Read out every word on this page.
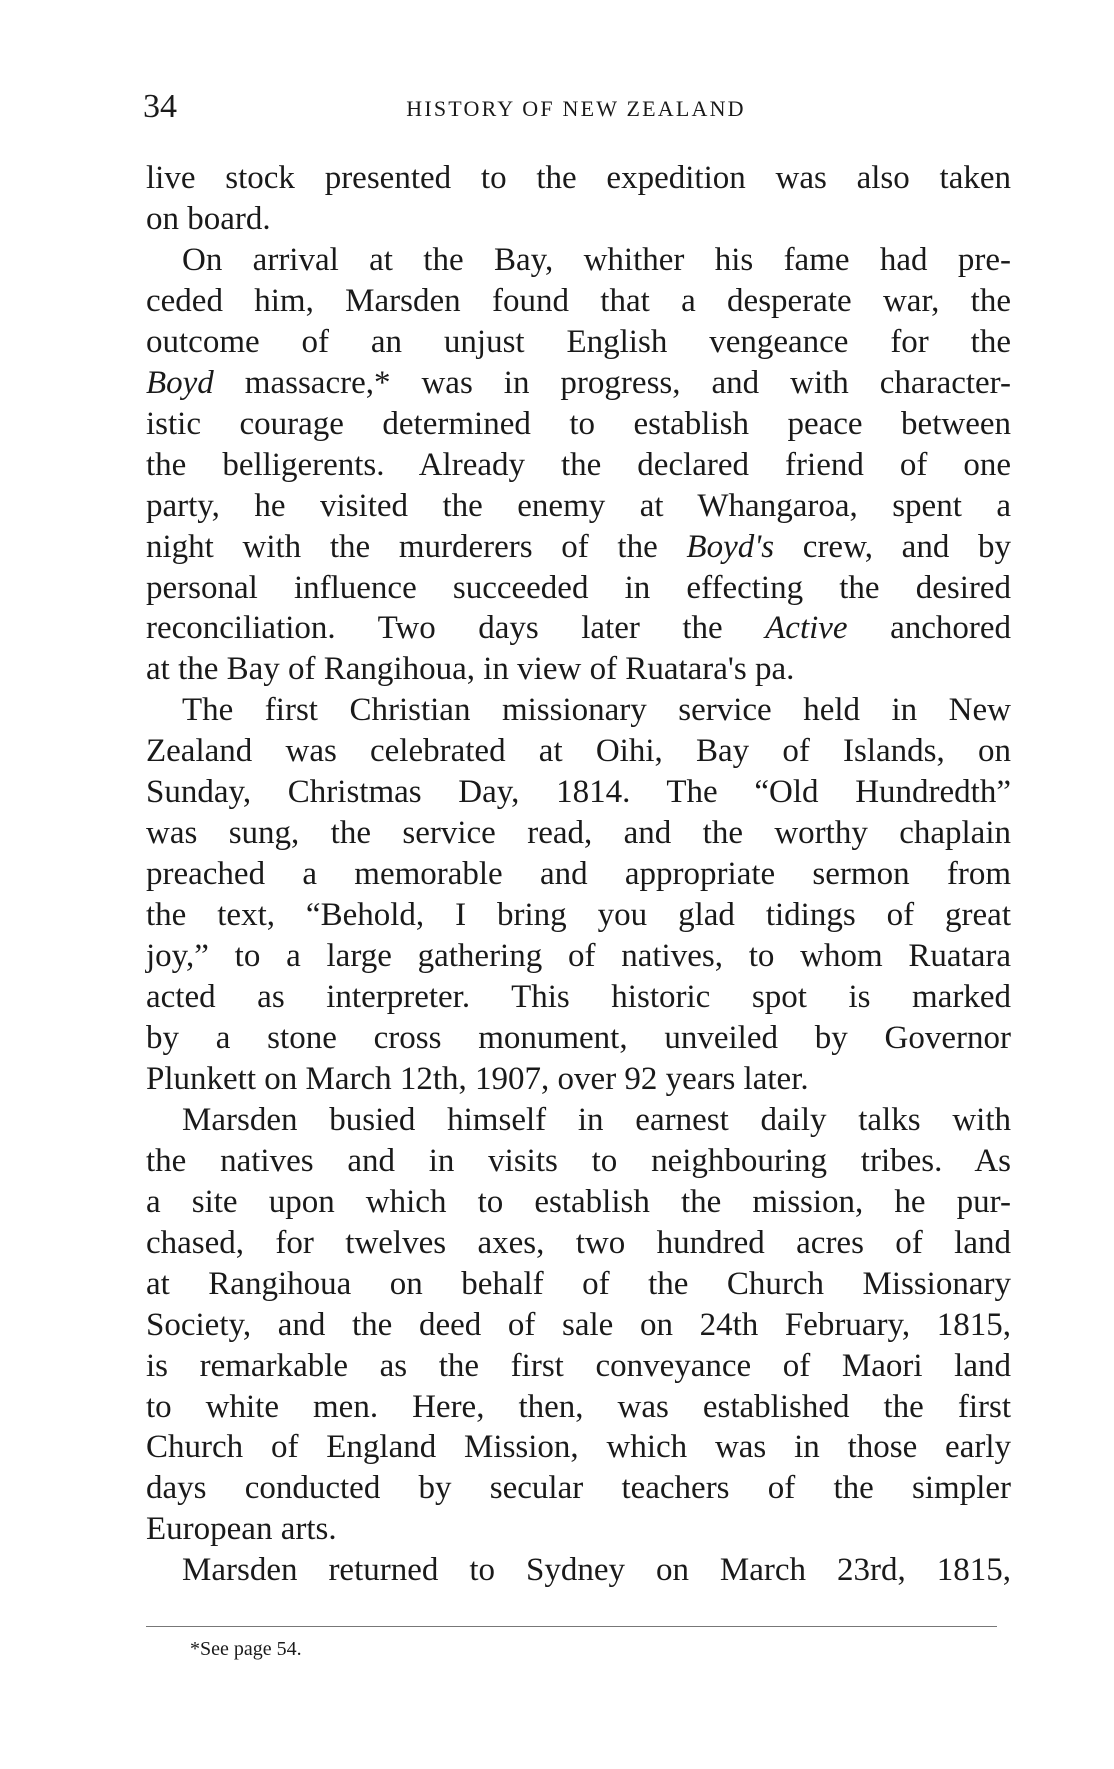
34	HISTORY OF NEW ZEALAND
live stock presented to the expedition was also taken
on board.
On arrival at the Bay, whither his fame had pre-
ceded him, Marsden found that a desperate war, the
outcome of an unjust English vengeance for the
Boyd massacre,* was in progress, and with character-
istic courage determined to establish peace between
the belligerents. Already the declared friend of one
party, he visited the enemy at Whangaroa, spent a
night with the murderers of the Boyd's crew, and by
personal influence succeeded in effecting the desired
reconciliation. Two days later the Active anchored
at the Bay of Rangihoua, in view of Ruatara's pa.
The first Christian missionary service held in New
Zealand was celebrated at Oihi, Bay of Islands, on
Sunday, Christmas Day, 1814. The “Old Hundredth”
was sung, the service read, and the worthy chaplain
preached a memorable and appropriate sermon from
the text, “Behold, I bring you glad tidings of great
joy,” to a large gathering of natives, to whom Ruatara
acted as interpreter. This historic spot is marked
by a stone cross monument, unveiled by Governor
Plunkett on March 12th, 1907, over 92 years later.
Marsden busied himself in earnest daily talks with
the natives and in visits to neighbouring tribes. As
a site upon which to establish the mission, he pur-
chased, for twelves axes, two hundred acres of land
at Rangihoua on behalf of the Church Missionary
Society, and the deed of sale on 24th February, 1815,
is remarkable as the first conveyance of Maori land
to white men. Here, then, was established the first
Church of England Mission, which was in those early
days conducted by secular teachers of the simpler
European arts.
Marsden returned to Sydney on March 23rd, 1815,
*See page 54.
